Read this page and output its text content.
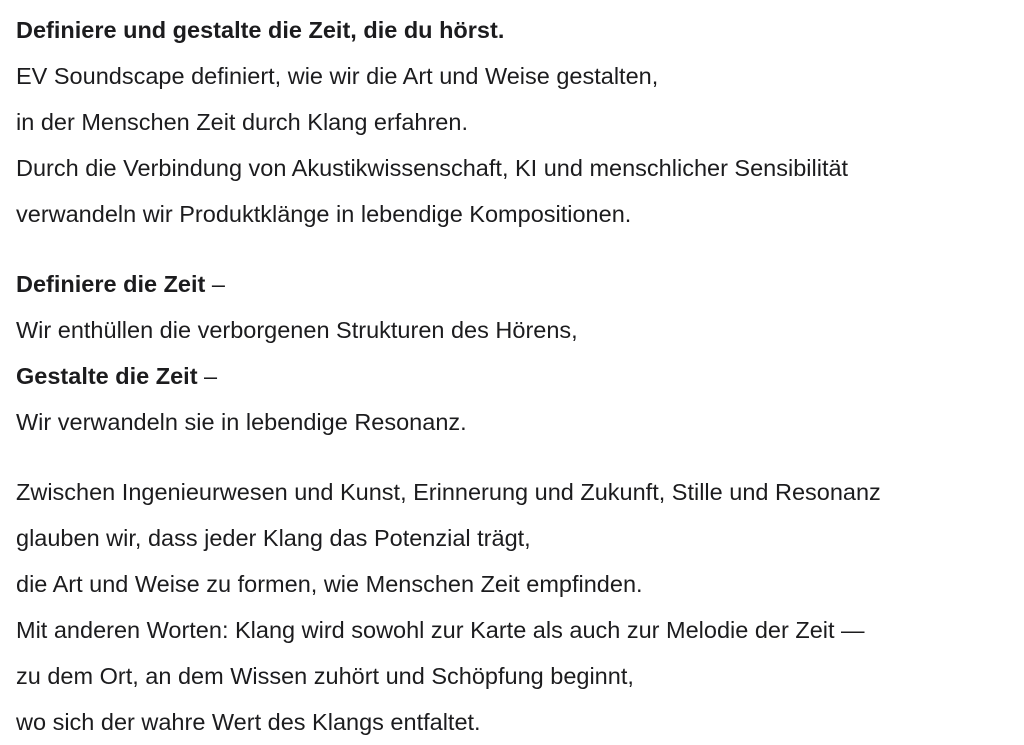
Definiere und gestalte die Zeit, die du hörst.
EV Soundscape definiert, wie wir die Art und Weise gestalten,
in der Menschen Zeit durch Klang erfahren.
Durch die Verbindung von Akustikwissenschaft, KI und menschlicher Sensibilität
verwandeln wir Produktklänge in lebendige Kompositionen.
Definiere die Zeit –
Wir enthüllen die verborgenen Strukturen des Hörens,
Gestalte die Zeit –
Wir verwandeln sie in lebendige Resonanz.
Zwischen Ingenieurwesen und Kunst, Erinnerung und Zukunft, Stille und Resonanz
glauben wir, dass jeder Klang das Potenzial trägt,
die Art und Weise zu formen, wie Menschen Zeit empfinden.
Mit anderen Worten: Klang wird sowohl zur Karte als auch zur Melodie der Zeit —
zu dem Ort, an dem Wissen zuhört und Schöpfung beginnt,
wo sich der wahre Wert des Klangs entfaltet.
